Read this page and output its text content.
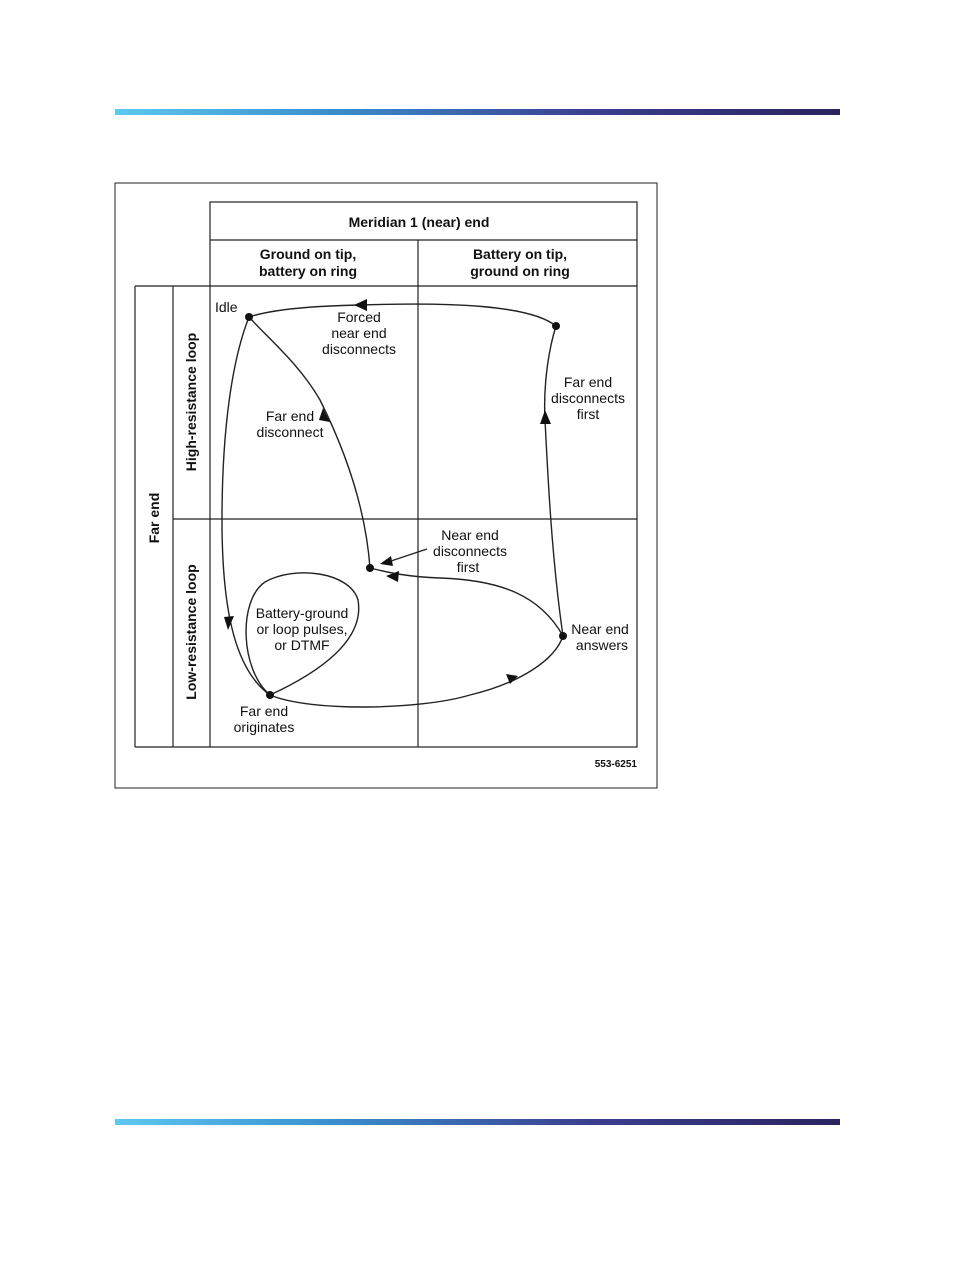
Meridian 1 (near) end
Ground on tip,
battery on ring
Battery on tip,
ground on ring
Far end
High-resistance loop
Low-resistance loop
Idle
Forced
near end
disconnects
Far end
disconnect
Far end
disconnects
first
Near end
disconnects
first
Battery-ground
or loop pulses,
or DTMF
Near end
answers
Far end
originates
553-6251
